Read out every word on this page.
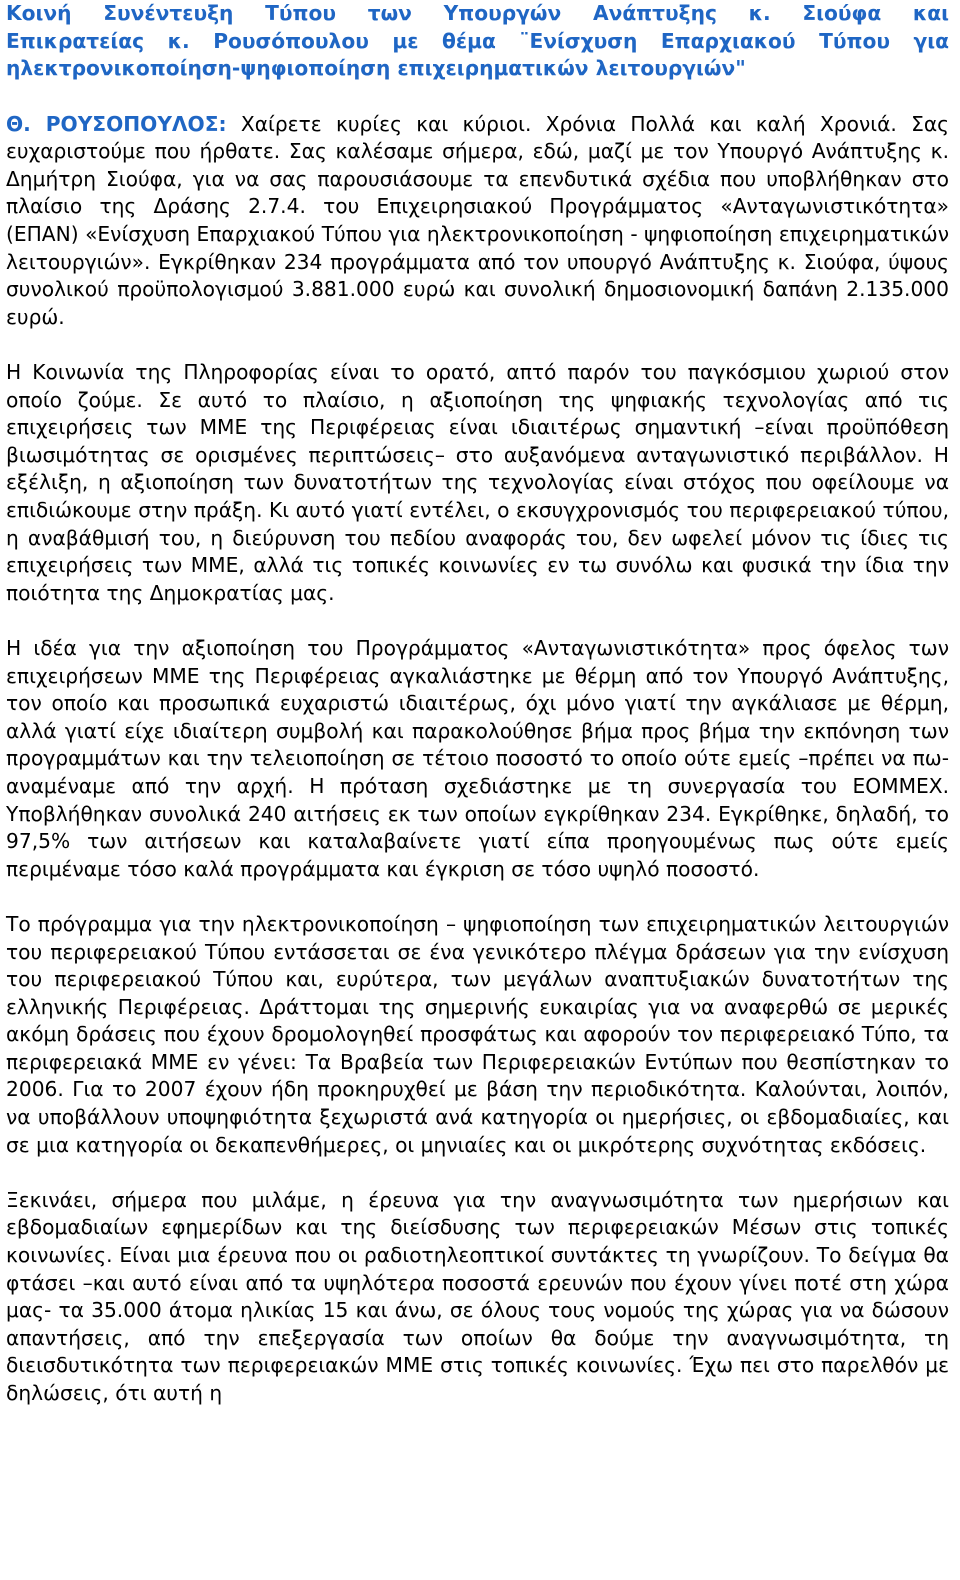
Κοινή Συνέντευξη Τύπου των Υπουργών Ανάπτυξης κ. Σιούφα και
Επικρατείας κ. Ρουσόπουλου με θέμα ¨Ενίσχυση Επαρχιακού Τύπου για
ηλεκτρονικοποίηση-ψηφιοποίηση επιχειρηματικών λειτουργιών"

Θ. ΡΟΥΣΟΠΟΥΛΟΣ: Χαίρετε κυρίες και κύριοι. Χρόνια Πολλά και καλή Χρονιά. Σας ευχαριστούμε που ήρθατε. Σας καλέσαμε σήμερα, εδώ, μαζί με τον Υπουργό Ανάπτυξης κ. Δημήτρη Σιούφα, για να σας παρουσιάσουμε τα επενδυτικά σχέδια που υποβλήθηκαν στο πλαίσιο της Δράσης 2.7.4. του Επιχειρησιακού Προγράμματος «Ανταγωνιστικότητα» (ΕΠΑΝ) «Ενίσχυση Επαρχιακού Τύπου για ηλεκτρονικοποίηση - ψηφιοποίηση επιχειρηματικών λειτουργιών». Εγκρίθηκαν 234 προγράμματα από τον υπουργό Ανάπτυξης κ. Σιούφα, ύψους συνολικού προϋπολογισμού 3.881.000 ευρώ και συνολική δημοσιονομική δαπάνη 2.135.000 ευρώ.

Η Κοινωνία της Πληροφορίας είναι το ορατό, απτό παρόν του παγκόσμιου χωριού στον οποίο ζούμε. Σε αυτό το πλαίσιο, η αξιοποίηση της ψηφιακής τεχνολογίας από τις επιχειρήσεις των ΜΜΕ της Περιφέρειας είναι ιδιαιτέρως σημαντική –είναι προϋπόθεση βιωσιμότητας σε ορισμένες περιπτώσεις– στο αυξανόμενα ανταγωνιστικό περιβάλλον. Η εξέλιξη, η αξιοποίηση των δυνατοτήτων της τεχνολογίας είναι στόχος που οφείλουμε να επιδιώκουμε στην πράξη. Κι αυτό γιατί εντέλει, ο εκσυγχρονισμός του περιφερειακού τύπου, η αναβάθμισή του, η διεύρυνση του πεδίου αναφοράς του, δεν ωφελεί μόνον τις ίδιες τις επιχειρήσεις των ΜΜΕ, αλλά τις τοπικές κοινωνίες εν τω συνόλω και φυσικά την ίδια την ποιότητα της Δημοκρατίας μας.

Η ιδέα για την αξιοποίηση του Προγράμματος «Ανταγωνιστικότητα» προς όφελος των επιχειρήσεων ΜΜΕ της Περιφέρειας αγκαλιάστηκε με θέρμη από τον Υπουργό Ανάπτυξης, τον οποίο και προσωπικά ευχαριστώ ιδιαιτέρως, όχι μόνο γιατί την αγκάλιασε με θέρμη, αλλά γιατί είχε ιδιαίτερη συμβολή και παρακολούθησε βήμα προς βήμα την εκπόνηση των προγραμμάτων και την τελειοποίηση σε τέτοιο ποσοστό το οποίο ούτε εμείς –πρέπει να πω- αναμέναμε από την αρχή. Η πρόταση σχεδιάστηκε με τη συνεργασία του ΕΟΜΜΕΧ. Υποβλήθηκαν συνολικά 240 αιτήσεις εκ των οποίων εγκρίθηκαν 234. Εγκρίθηκε, δηλαδή, το 97,5% των αιτήσεων και καταλαβαίνετε γιατί είπα προηγουμένως πως ούτε εμείς περιμέναμε τόσο καλά προγράμματα και έγκριση σε τόσο υψηλό ποσοστό.

Το πρόγραμμα για την ηλεκτρονικοποίηση – ψηφιοποίηση των επιχειρηματικών λειτουργιών του περιφερειακού Τύπου εντάσσεται σε ένα γενικότερο πλέγμα δράσεων για την ενίσχυση του περιφερειακού Τύπου και, ευρύτερα, των μεγάλων αναπτυξιακών δυνατοτήτων της ελληνικής Περιφέρειας. Δράττομαι της σημερινής ευκαιρίας για να αναφερθώ σε μερικές ακόμη δράσεις που έχουν δρομολογηθεί προσφάτως και αφορούν τον περιφερειακό Τύπο, τα περιφερειακά ΜΜΕ εν γένει: Τα Βραβεία των Περιφερειακών Εντύπων που θεσπίστηκαν το 2006. Για το 2007 έχουν ήδη προκηρυχθεί με βάση την περιοδικότητα. Καλούνται, λοιπόν, να υποβάλλουν υποψηφιότητα ξεχωριστά ανά κατηγορία οι ημερήσιες, οι εβδομαδιαίες, και σε μια κατηγορία οι δεκαπενθήμερες, οι μηνιαίες και οι μικρότερης συχνότητας εκδόσεις.

Ξεκινάει, σήμερα που μιλάμε, η έρευνα για την αναγνωσιμότητα των ημερήσιων και εβδομαδιαίων εφημερίδων και της διείσδυσης των περιφερειακών Μέσων στις τοπικές κοινωνίες. Είναι μια έρευνα που οι ραδιοτηλεοπτικοί συντάκτες τη γνωρίζουν. Το δείγμα θα φτάσει –και αυτό είναι από τα υψηλότερα ποσοστά ερευνών που έχουν γίνει ποτέ στη χώρα μας- τα 35.000 άτομα ηλικίας 15 και άνω, σε όλους τους νομούς της χώρας για να δώσουν απαντήσεις, από την επεξεργασία των οποίων θα δούμε την αναγνωσιμότητα, τη διεισδυτικότητα των περιφερειακών ΜΜΕ στις τοπικές κοινωνίες. Έχω πει στο παρελθόν με δηλώσεις, ότι αυτή η
